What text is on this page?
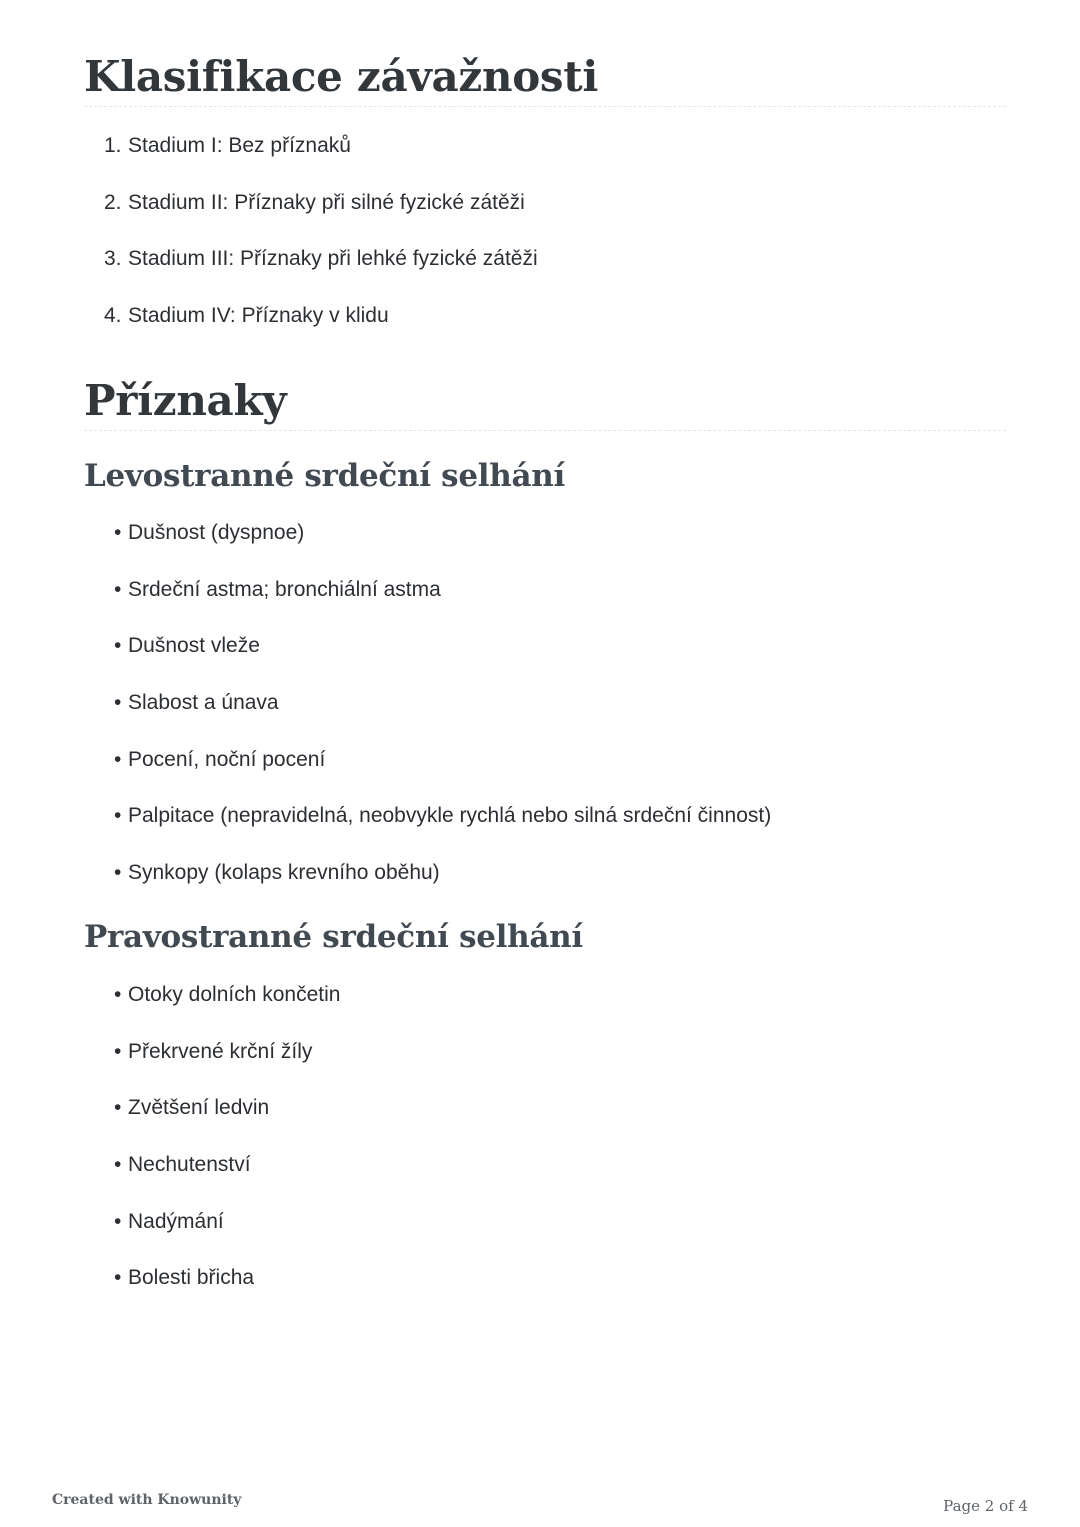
Klasifikace závažnosti
1. Stadium I: Bez příznaků
2. Stadium II: Příznaky při silné fyzické zátěži
3. Stadium III: Příznaky při lehké fyzické zátěži
4. Stadium IV: Příznaky v klidu
Příznaky
Levostranné srdeční selhání
• Dušnost (dyspnoe)
• Srdeční astma; bronchiální astma
• Dušnost vleže
• Slabost a únava
• Pocení, noční pocení
• Palpitace (nepravidelná, neobvykle rychlá nebo silná srdeční činnost)
• Synkopy (kolaps krevního oběhu)
Pravostranné srdeční selhání
• Otoky dolních končetin
• Překrvené krční žíly
• Zvětšení ledvin
• Nechutenství
• Nadýmání
• Bolesti břicha
Created with Knowunity	Page 2 of 4
